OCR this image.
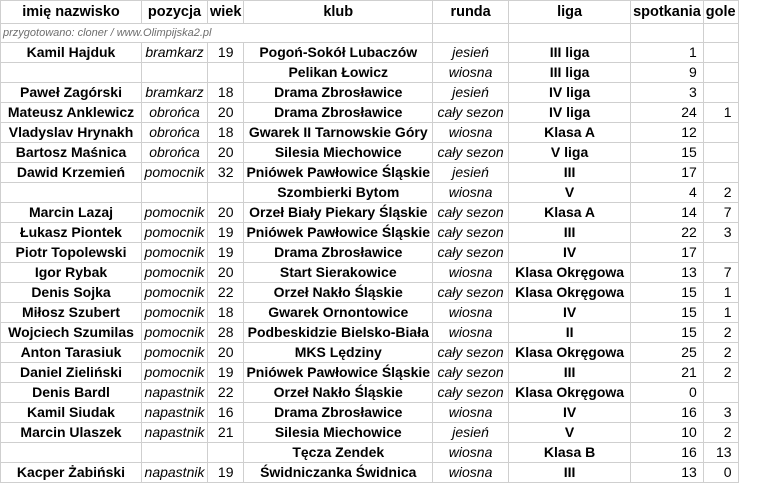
imię nazwisko	pozycja	wiek	klub	runda	liga	spotkania	gole
przygotowano: cloner / www.Olimpijska2.pl							
Kamil Hajduk	bramkarz	19	Pogoń-Sokół Lubaczów	jesień	III liga	1	
			Pelikan Łowicz	wiosna	III liga	9	
Paweł Zagórski	bramkarz	18	Drama Zbrosławice	jesień	IV liga	3	
Mateusz Anklewicz	obrońca	20	Drama Zbrosławice	cały sezon	IV liga	24	1
Vladyslav Hrynakh	obrońca	18	Gwarek II Tarnowskie Góry	wiosna	Klasa A	12	
Bartosz Maśnica	obrońca	20	Silesia Miechowice	cały sezon	V liga	15	
Dawid Krzemień	pomocnik	32	Pniówek Pawłowice Śląskie	jesień	III	17	
			Szombierki Bytom	wiosna	V	4	2
Marcin Lazaj	pomocnik	20	Orzeł Biały Piekary Śląskie	cały sezon	Klasa A	14	7
Łukasz Piontek	pomocnik	19	Pniówek Pawłowice Śląskie	cały sezon	III	22	3
Piotr Topolewski	pomocnik	19	Drama Zbrosławice	cały sezon	IV	17	
Igor Rybak	pomocnik	20	Start Sierakowice	wiosna	Klasa Okręgowa	13	7
Denis Sojka	pomocnik	22	Orzeł Nakło Śląskie	cały sezon	Klasa Okręgowa	15	1
Miłosz Szubert	pomocnik	18	Gwarek Ornontowice	wiosna	IV	15	1
Wojciech Szumilas	pomocnik	28	Podbeskidzie Bielsko-Biała	wiosna	II	15	2
Anton Tarasiuk	pomocnik	20	MKS Lędziny	cały sezon	Klasa Okręgowa	25	2
Daniel Zieliński	pomocnik	19	Pniówek Pawłowice Śląskie	cały sezon	III	21	2
Denis Bardl	napastnik	22	Orzeł Nakło Śląskie	cały sezon	Klasa Okręgowa	0	
Kamil Siudak	napastnik	16	Drama Zbrosławice	wiosna	IV	16	3
Marcin Ulaszek	napastnik	21	Silesia Miechowice	jesień	V	10	2
			Tęcza Zendek	wiosna	Klasa B	16	13
Kacper Żabiński	napastnik	19	Świdniczanka Świdnica	wiosna	III	13	0
